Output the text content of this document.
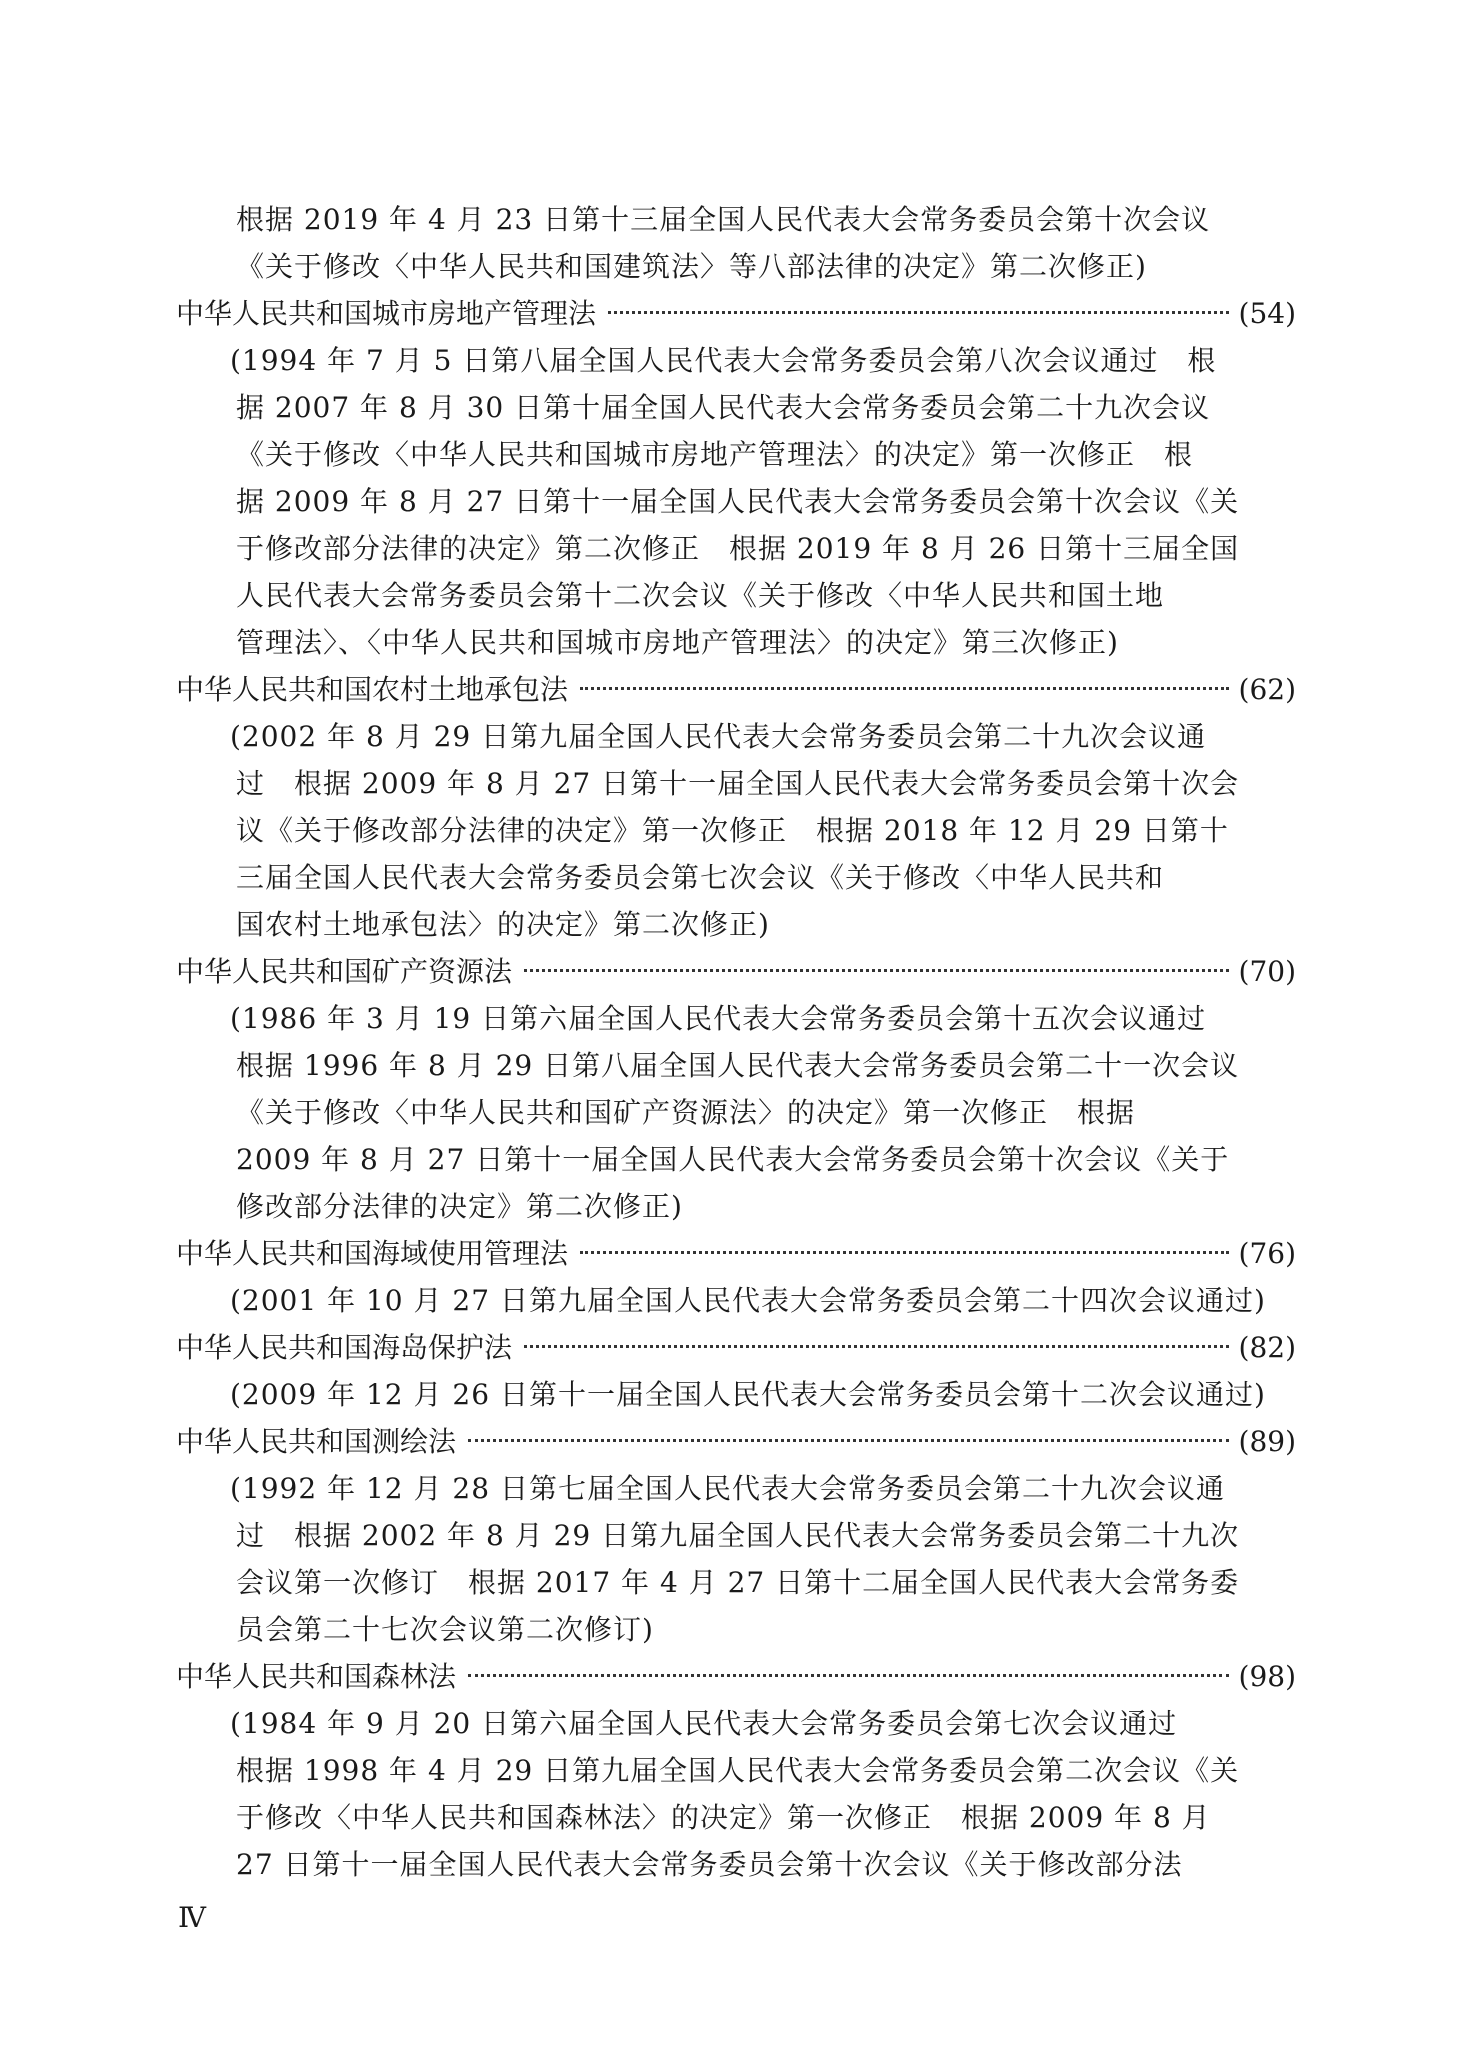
根据 2019 年 4 月 23 日第十三届全国人民代表大会常务委员会第十次会议
《关于修改〈中华人民共和国建筑法〉等八部法律的决定》第二次修正)
中华人民共和国城市房地产管理法	(54)
(1994 年 7 月 5 日第八届全国人民代表大会常务委员会第八次会议通过　根
据 2007 年 8 月 30 日第十届全国人民代表大会常务委员会第二十九次会议
《关于修改〈中华人民共和国城市房地产管理法〉的决定》第一次修正　根
据 2009 年 8 月 27 日第十一届全国人民代表大会常务委员会第十次会议《关
于修改部分法律的决定》第二次修正　根据 2019 年 8 月 26 日第十三届全国
人民代表大会常务委员会第十二次会议《关于修改〈中华人民共和国土地
管理法〉、〈中华人民共和国城市房地产管理法〉的决定》第三次修正)
中华人民共和国农村土地承包法	(62)
(2002 年 8 月 29 日第九届全国人民代表大会常务委员会第二十九次会议通
过　根据 2009 年 8 月 27 日第十一届全国人民代表大会常务委员会第十次会
议《关于修改部分法律的决定》第一次修正　根据 2018 年 12 月 29 日第十
三届全国人民代表大会常务委员会第七次会议《关于修改〈中华人民共和
国农村土地承包法〉的决定》第二次修正)
中华人民共和国矿产资源法	(70)
(1986 年 3 月 19 日第六届全国人民代表大会常务委员会第十五次会议通过
根据 1996 年 8 月 29 日第八届全国人民代表大会常务委员会第二十一次会议
《关于修改〈中华人民共和国矿产资源法〉的决定》第一次修正　根据
2009 年 8 月 27 日第十一届全国人民代表大会常务委员会第十次会议《关于
修改部分法律的决定》第二次修正)
中华人民共和国海域使用管理法	(76)
(2001 年 10 月 27 日第九届全国人民代表大会常务委员会第二十四次会议通过)
中华人民共和国海岛保护法	(82)
(2009 年 12 月 26 日第十一届全国人民代表大会常务委员会第十二次会议通过)
中华人民共和国测绘法	(89)
(1992 年 12 月 28 日第七届全国人民代表大会常务委员会第二十九次会议通
过　根据 2002 年 8 月 29 日第九届全国人民代表大会常务委员会第二十九次
会议第一次修订　根据 2017 年 4 月 27 日第十二届全国人民代表大会常务委
员会第二十七次会议第二次修订)
中华人民共和国森林法	(98)
(1984 年 9 月 20 日第六届全国人民代表大会常务委员会第七次会议通过
根据 1998 年 4 月 29 日第九届全国人民代表大会常务委员会第二次会议《关
于修改〈中华人民共和国森林法〉的决定》第一次修正　根据 2009 年 8 月
27 日第十一届全国人民代表大会常务委员会第十次会议《关于修改部分法
Ⅳ
